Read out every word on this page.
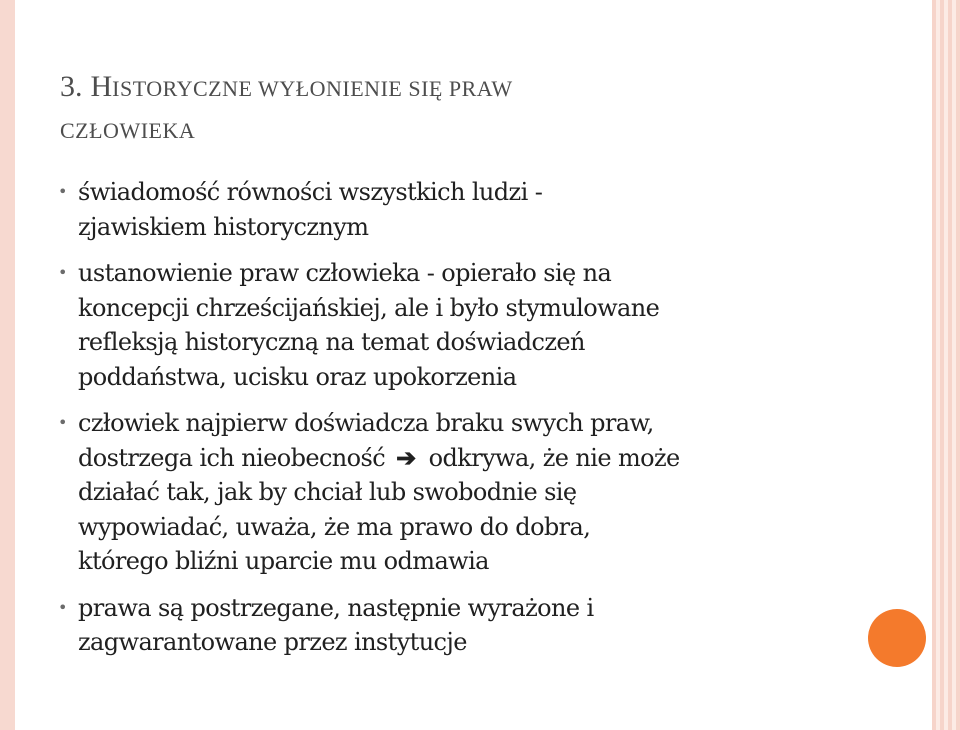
3. HISTORYCZNE WYŁONIENIE SIĘ PRAW
CZŁOWIEKA
• świadomość równości wszystkich ludzi -
zjawiskiem historycznym
• ustanowienie praw człowieka - opierało się na
koncepcji chrześcijańskiej, ale i było stymulowane
refleksją historyczną na temat doświadczeń
poddaństwa, ucisku oraz upokorzenia
• człowiek najpierw doświadcza braku swych praw,
dostrzega ich nieobecność ➔ odkrywa, że nie może
działać tak, jak by chciał lub swobodnie się
wypowiadać, uważa, że ma prawo do dobra,
którego bliźni uparcie mu odmawia
• prawa są postrzegane, następnie wyrażone i
zagwarantowane przez instytucje
